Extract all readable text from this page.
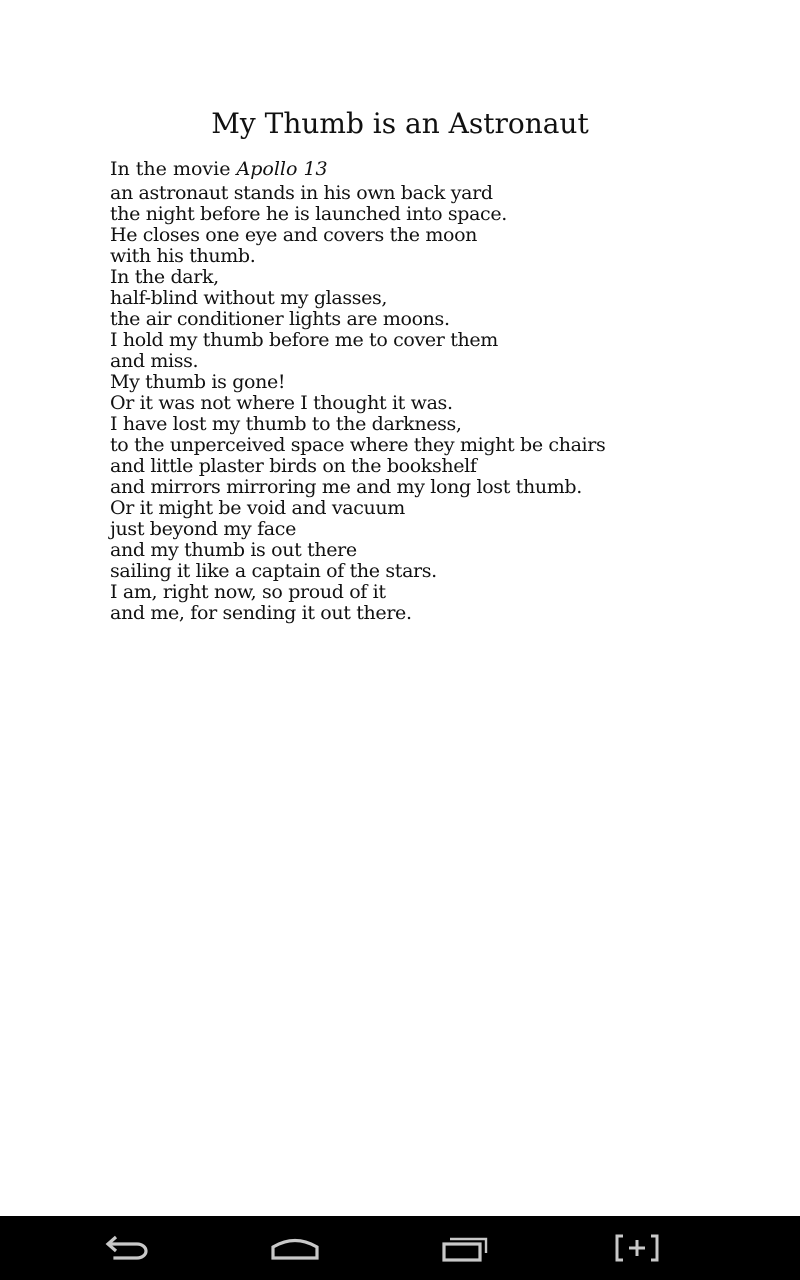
My Thumb is an Astronaut
In the movie Apollo 13
an astronaut stands in his own back yard
the night before he is launched into space.
He closes one eye and covers the moon
with his thumb.
In the dark,
half-blind without my glasses,
the air conditioner lights are moons.
I hold my thumb before me to cover them
and miss.
My thumb is gone!
Or it was not where I thought it was.
I have lost my thumb to the darkness,
to the unperceived space where they might be chairs
and little plaster birds on the bookshelf
and mirrors mirroring me and my long lost thumb.
Or it might be void and vacuum
just beyond my face
and my thumb is out there
sailing it like a captain of the stars.
I am, right now, so proud of it
and me, for sending it out there.
